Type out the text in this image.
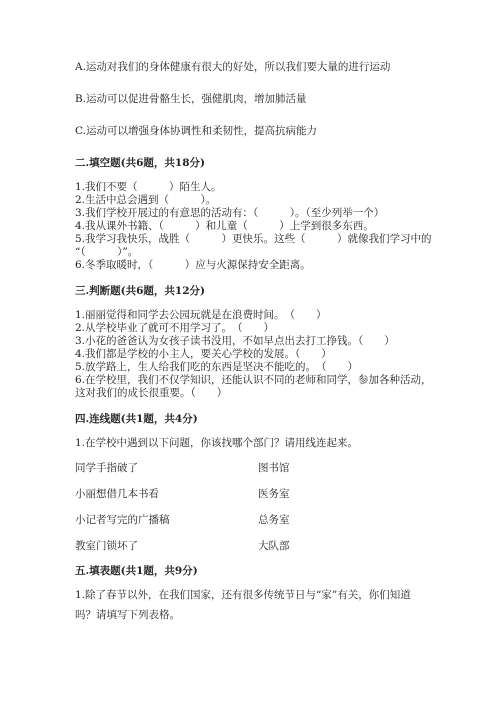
A.运动对我们的身体健康有很大的好处，所以我们要大量的进行运动
B.运动可以促进骨骼生长，强健肌肉，增加肺活量
C.运动可以增强身体协调性和柔韧性，提高抗病能力
二.填空题(共6题，共18分)
1.我们不要（　　　）陌生人。
2.生活中总会遇到（　　　）。
3.我们学校开展过的有意思的活动有：（　　　）。（至少列举一个）
4.我从课外书籍、（　　　）和儿童（　　　）上学到很多东西。
5.我学习我快乐，战胜（　　　）更快乐。这些（　　　）就像我们学习中的
“（　　　）”。
6.冬季取暖时，（　　　）应与火源保持安全距离。
三.判断题(共6题，共12分)
1.丽丽觉得和同学去公园玩就是在浪费时间。　（　　）
2.从学校毕业了就可不用学习了。　（　　）
3.小花的爸爸认为女孩子读书没用，不如早点出去打工挣钱。（　　）
4.我们都是学校的小主人，要关心学校的发展。（　　）
5.放学路上，生人给我们吃的东西是坚决不能吃的。　（　　）
6.在学校里，我们不仅学知识，还能认识不同的老师和同学，参加各种活动，
这对我们的成长很重要。（　　）
四.连线题(共1题，共4分)
1.在学校中遇到以下问题，你该找哪个部门？请用线连起来。
同学手指破了
小丽想借几本书看
小记者写完的广播稿
教室门锁坏了
图书馆
医务室
总务室
大队部
五.填表题(共1题，共9分)
1.除了春节以外，在我们国家，还有很多传统节日与“家”有关，你们知道
吗？请填写下列表格。
